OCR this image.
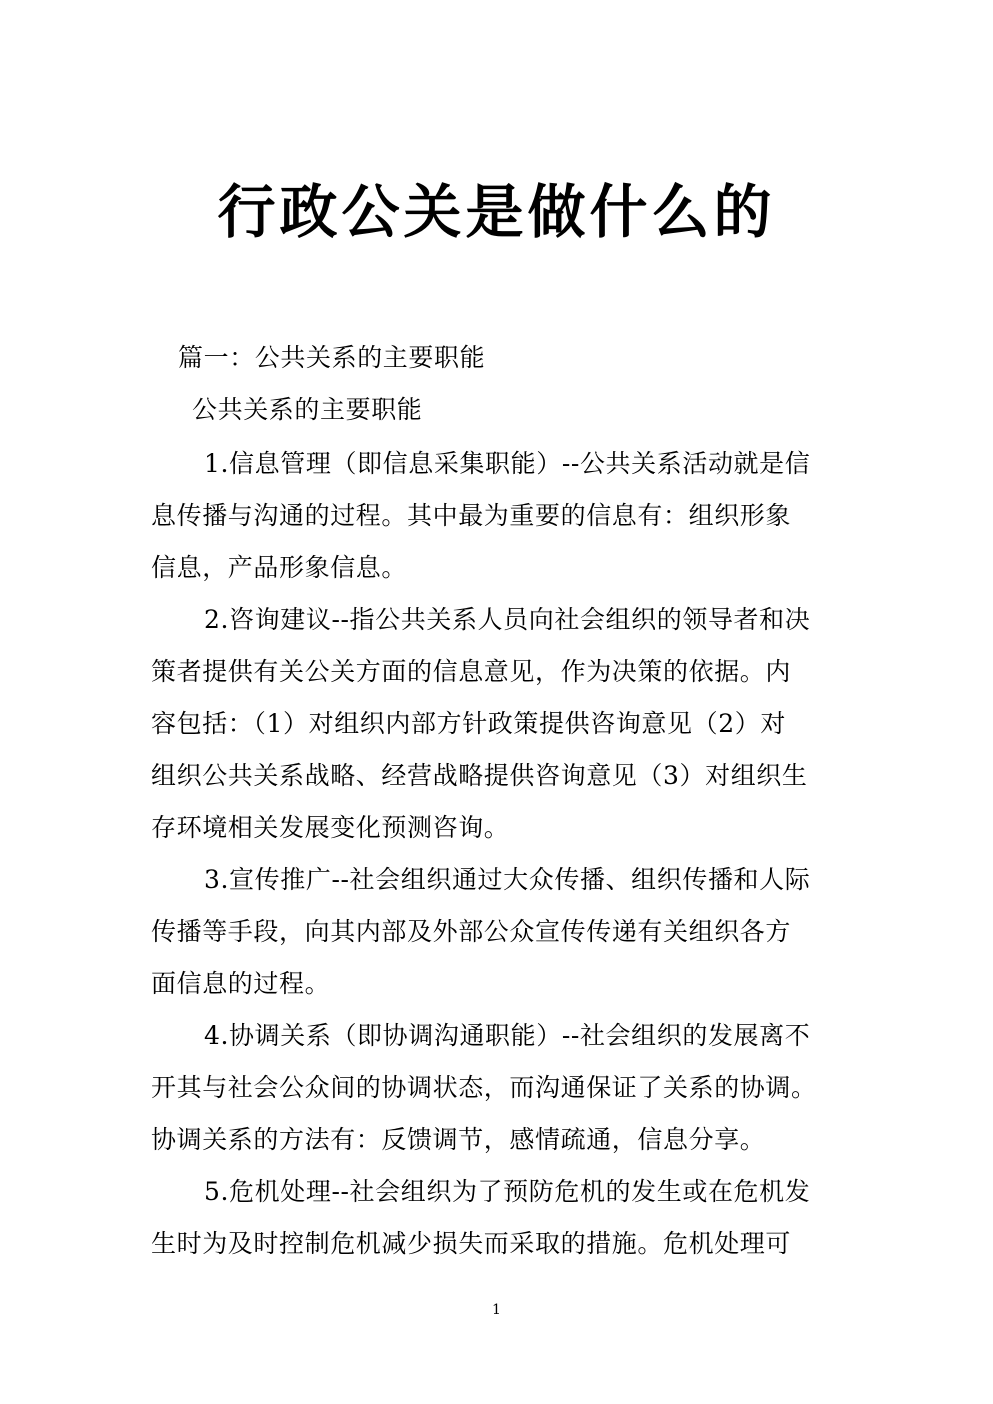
行政公关是做什么的
篇一：公共关系的主要职能
公共关系的主要职能
1.信息管理（即信息采集职能）--公共关系活动就是信
息传播与沟通的过程。其中最为重要的信息有：组织形象
信息，产品形象信息。
2.咨询建议--指公共关系人员向社会组织的领导者和决
策者提供有关公关方面的信息意见，作为决策的依据。内
容包括：（1）对组织内部方针政策提供咨询意见（2）对
组织公共关系战略、经营战略提供咨询意见（3）对组织生
存环境相关发展变化预测咨询。
3.宣传推广--社会组织通过大众传播、组织传播和人际
传播等手段，向其内部及外部公众宣传传递有关组织各方
面信息的过程。
4.协调关系（即协调沟通职能）--社会组织的发展离不
开其与社会公众间的协调状态，而沟通保证了关系的协调。
协调关系的方法有：反馈调节，感情疏通，信息分享。
5.危机处理--社会组织为了预防危机的发生或在危机发
生时为及时控制危机减少损失而采取的措施。危机处理可
1
